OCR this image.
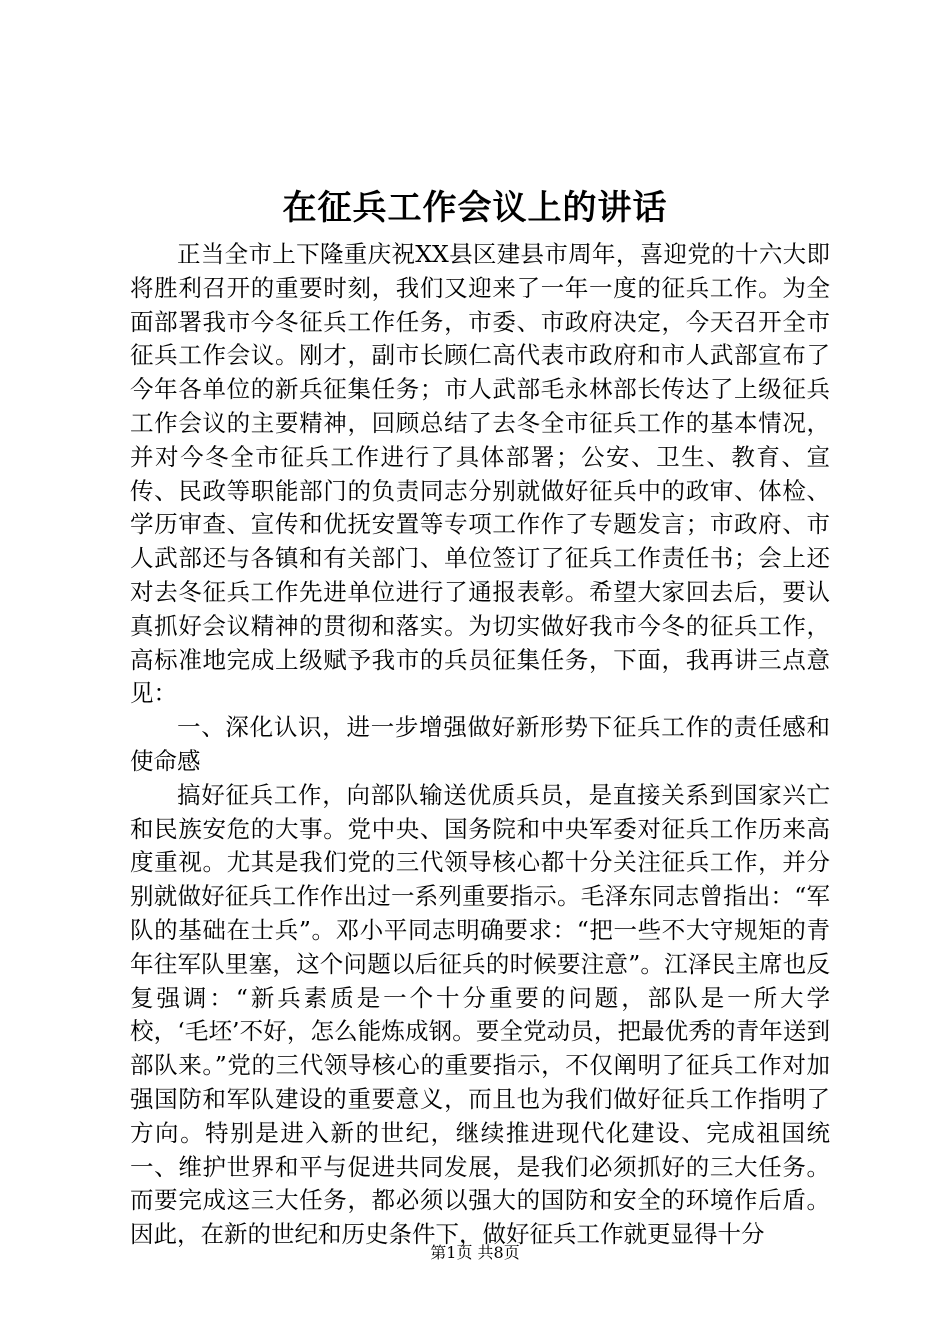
在征兵工作会议上的讲话

正当全市上下隆重庆祝XX县区建县市周年，喜迎党的十六大即将胜利召开的重要时刻，我们又迎来了一年一度的征兵工作。为全面部署我市今冬征兵工作任务，市委、市政府决定，今天召开全市征兵工作会议。刚才，副市长顾仁高代表市政府和市人武部宣布了今年各单位的新兵征集任务；市人武部毛永林部长传达了上级征兵工作会议的主要精神，回顾总结了去冬全市征兵工作的基本情况，并对今冬全市征兵工作进行了具体部署；公安、卫生、教育、宣传、民政等职能部门的负责同志分别就做好征兵中的政审、体检、学历审查、宣传和优抚安置等专项工作作了专题发言；市政府、市人武部还与各镇和有关部门、单位签订了征兵工作责任书；会上还对去冬征兵工作先进单位进行了通报表彰。希望大家回去后，要认真抓好会议精神的贯彻和落实。为切实做好我市今冬的征兵工作，高标准地完成上级赋予我市的兵员征集任务，下面，我再讲三点意见：

一、深化认识，进一步增强做好新形势下征兵工作的责任感和使命感

搞好征兵工作，向部队输送优质兵员，是直接关系到国家兴亡和民族安危的大事。党中央、国务院和中央军委对征兵工作历来高度重视。尤其是我们党的三代领导核心都十分关注征兵工作，并分别就做好征兵工作作出过一系列重要指示。毛泽东同志曾指出：“军队的基础在士兵”。邓小平同志明确要求：“把一些不大守规矩的青年往军队里塞，这个问题以后征兵的时候要注意”。江泽民主席也反复强调：“新兵素质是一个十分重要的问题，部队是一所大学校，‘毛坯’不好，怎么能炼成钢。要全党动员，把最优秀的青年送到部队来。”党的三代领导核心的重要指示，不仅阐明了征兵工作对加强国防和军队建设的重要意义，而且也为我们做好征兵工作指明了方向。特别是进入新的世纪，继续推进现代化建设、完成祖国统一、维护世界和平与促进共同发展，是我们必须抓好的三大任务。而要完成这三大任务，都必须以强大的国防和安全的环境作后盾。因此，在新的世纪和历史条件下，做好征兵工作就更显得十分

第1页 共8页
